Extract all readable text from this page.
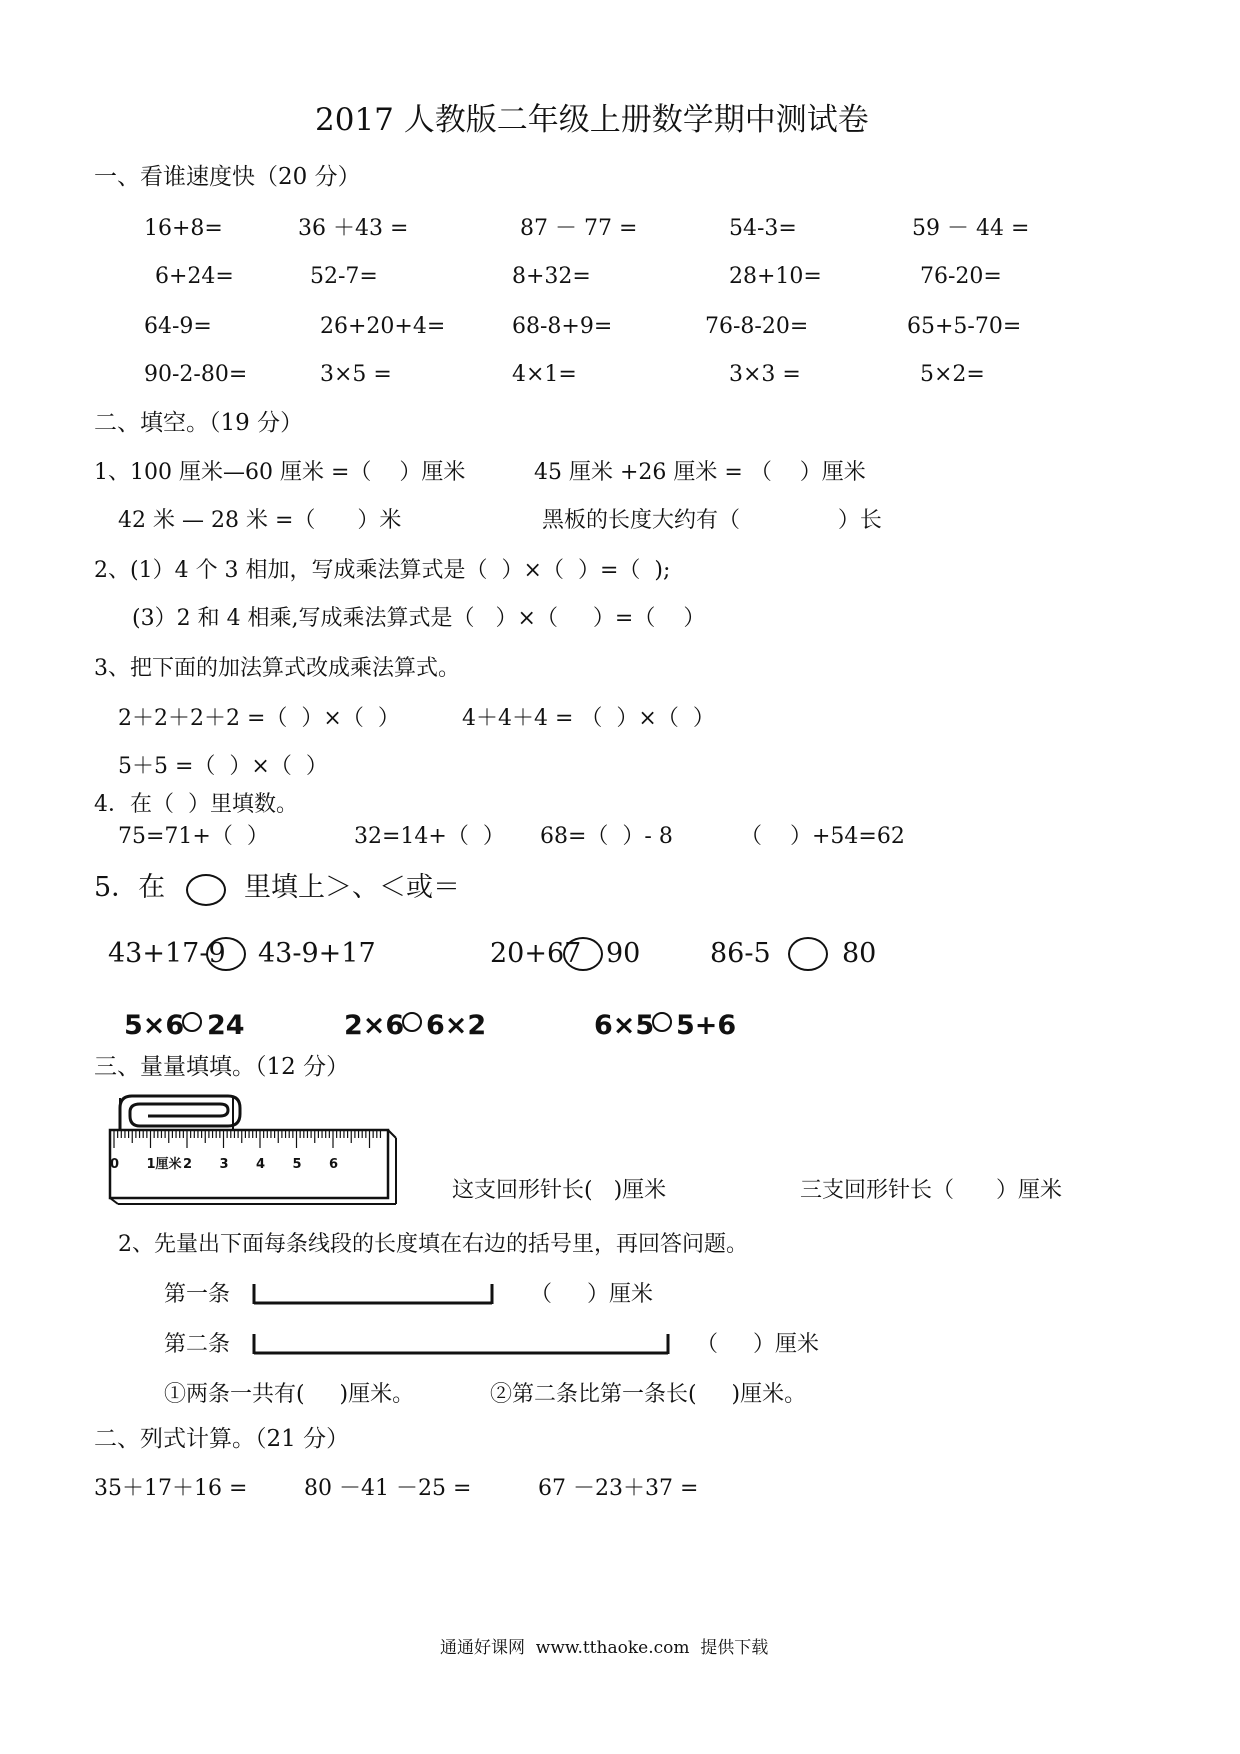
2017 人教版二年级上册数学期中测试卷
一、看谁速度快（20 分）
16+8=	36 ＋43 =	87 － 77 =	54-3=	59 － 44 =
6+24=	52-7=	8+32=	28+10=	76-20=
64-9=	26+20+4=	68-8+9=	76-8-20=	65+5-70=
90-2-80=	3×5 =	4×1=	3×3 =	5×2=
二、填空。（19 分）
1、100 厘米—60 厘米 =（    ）厘米	45 厘米 +26 厘米 = （    ）厘米
42 米 — 28 米 =（      ）米	黑板的长度大约有（              ）长
2、(1）4 个 3 相加，写成乘法算式是（  ）×（  ）=（  );
(3）2 和 4 相乘,写成乘法算式是（   ）×（     ）=（    ）
3、把下面的加法算式改成乘法算式。
2＋2＋2＋2 =（  ）×（  ）	4＋4＋4 = （  ）×（  ）
5＋5 =（  ）×（  ）
4．在（  ）里填数。
75=71+（  ）	32=14+（  ） 68=（  ）- 8	（    ）+54=62
5．在	里填上＞、＜或＝
43+17-9 43-9+17	20+67 90	86-5	80
5×6 24	2×6 6×2	6×5 5+6
三、量量填填。（12 分）
0 1厘米 2 3 4 5 6
这支回形针长(   )厘米	三支回形针长（      ）厘米
2、先量出下面每条线段的长度填在右边的括号里，再回答问题。
第一条	（     ）厘米
第二条	（     ）厘米
①两条一共有(     )厘米。	②第二条比第一条长(     )厘米。
二、列式计算。（21 分）
35＋17＋16 =	80 －41 －25 =	67 －23＋37 =
通通好课网  www.tthaoke.com  提供下载
